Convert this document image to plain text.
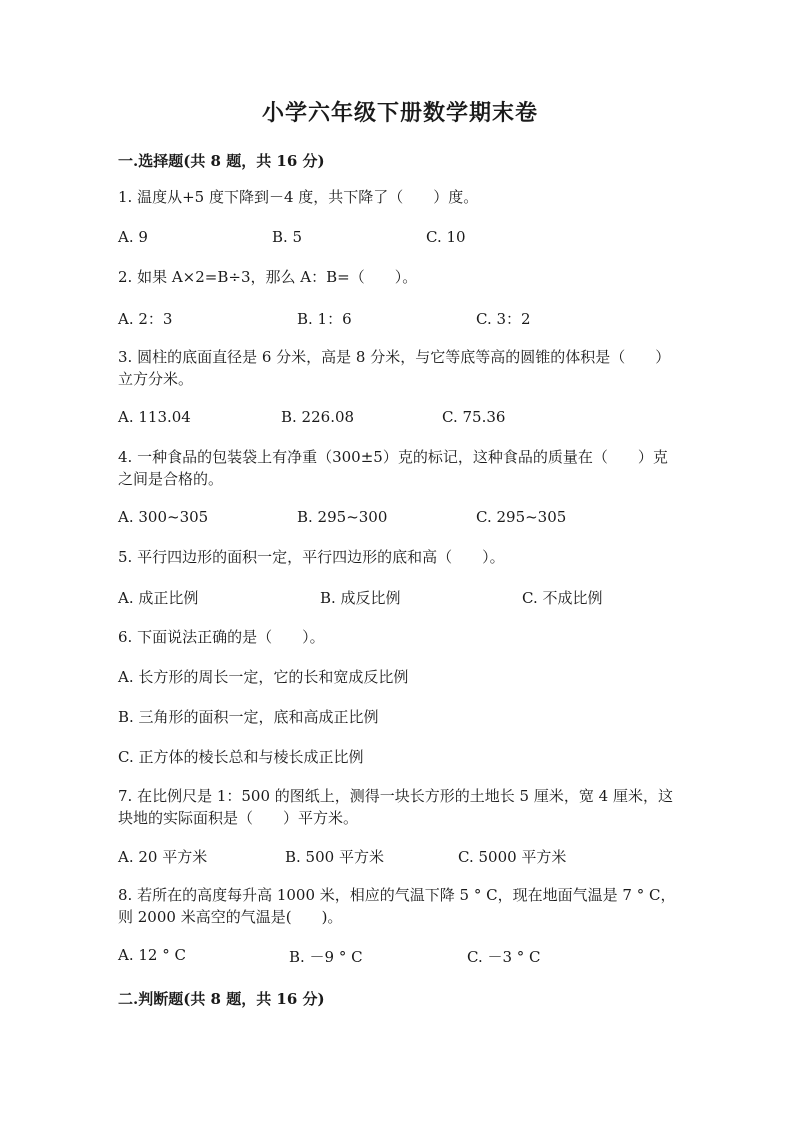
小学六年级下册数学期末卷
一.选择题(共 8 题，共 16 分)
1. 温度从+5 度下降到－4 度，共下降了（　　）度。
A. 9	B. 5	C. 10
2. 如果 A×2=B÷3，那么 A：B=（　　）。
A. 2：3	B. 1：6	C. 3：2
3. 圆柱的底面直径是 6 分米，高是 8 分米，与它等底等高的圆锥的体积是（　　）立方分米。
A. 113.04	B. 226.08	C. 75.36
4. 一种食品的包装袋上有净重（300±5）克的标记，这种食品的质量在（　　）克之间是合格的。
A. 300~305	B. 295~300	C. 295~305
5. 平行四边形的面积一定，平行四边形的底和高（　　）。
A. 成正比例	B. 成反比例	C. 不成比例
6. 下面说法正确的是（　　）。
A. 长方形的周长一定，它的长和宽成反比例
B. 三角形的面积一定，底和高成正比例
C. 正方体的棱长总和与棱长成正比例
7. 在比例尺是 1：500 的图纸上，测得一块长方形的土地长 5 厘米，宽 4 厘米，这块地的实际面积是（　　）平方米。
A. 20 平方米	B. 500 平方米	C. 5000 平方米
8. 若所在的高度每升高 1000 米，相应的气温下降 5 ° C，现在地面气温是 7 ° C，则 2000 米高空的气温是(　　)。
A. 12 ° C	B. －9 ° C	C. －3 ° C
二.判断题(共 8 题，共 16 分)
